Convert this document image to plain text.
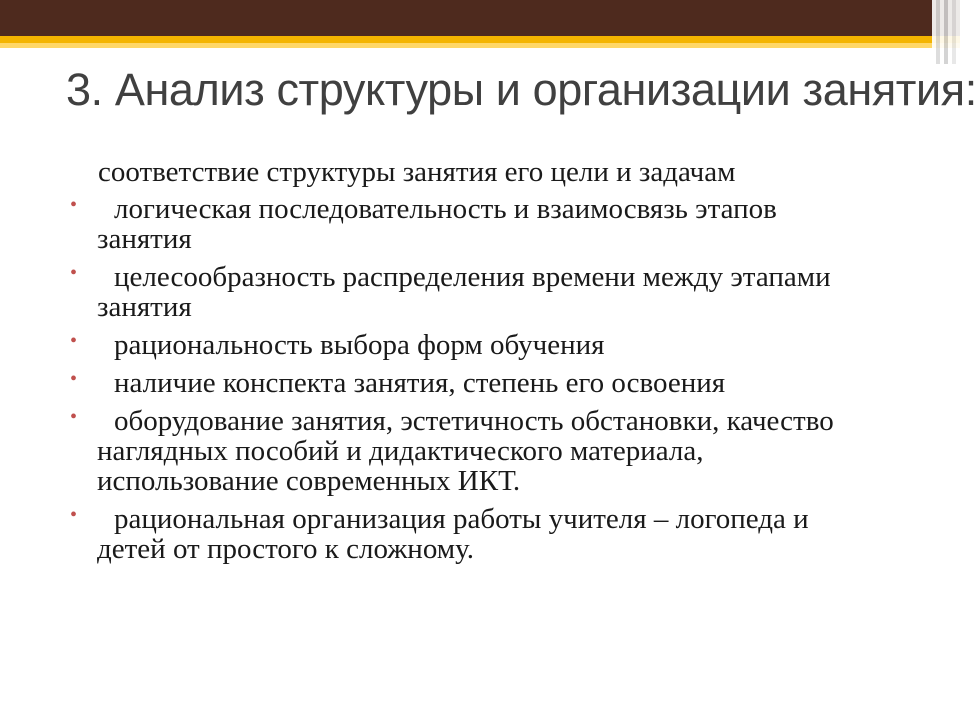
3. Анализ структуры и организации занятия:
соответствие структуры занятия его цели и задачам
•	логическая последовательность и взаимосвязь этапов занятия
•	целесообразность распределения времени между этапами занятия
•	рациональность выбора форм обучения
•	наличие конспекта занятия, степень его освоения
•	оборудование занятия, эстетичность обстановки, качество наглядных пособий и дидактического материала, использование современных ИКТ.
•	рациональная организация работы учителя – логопеда и детей от простого к сложному.
